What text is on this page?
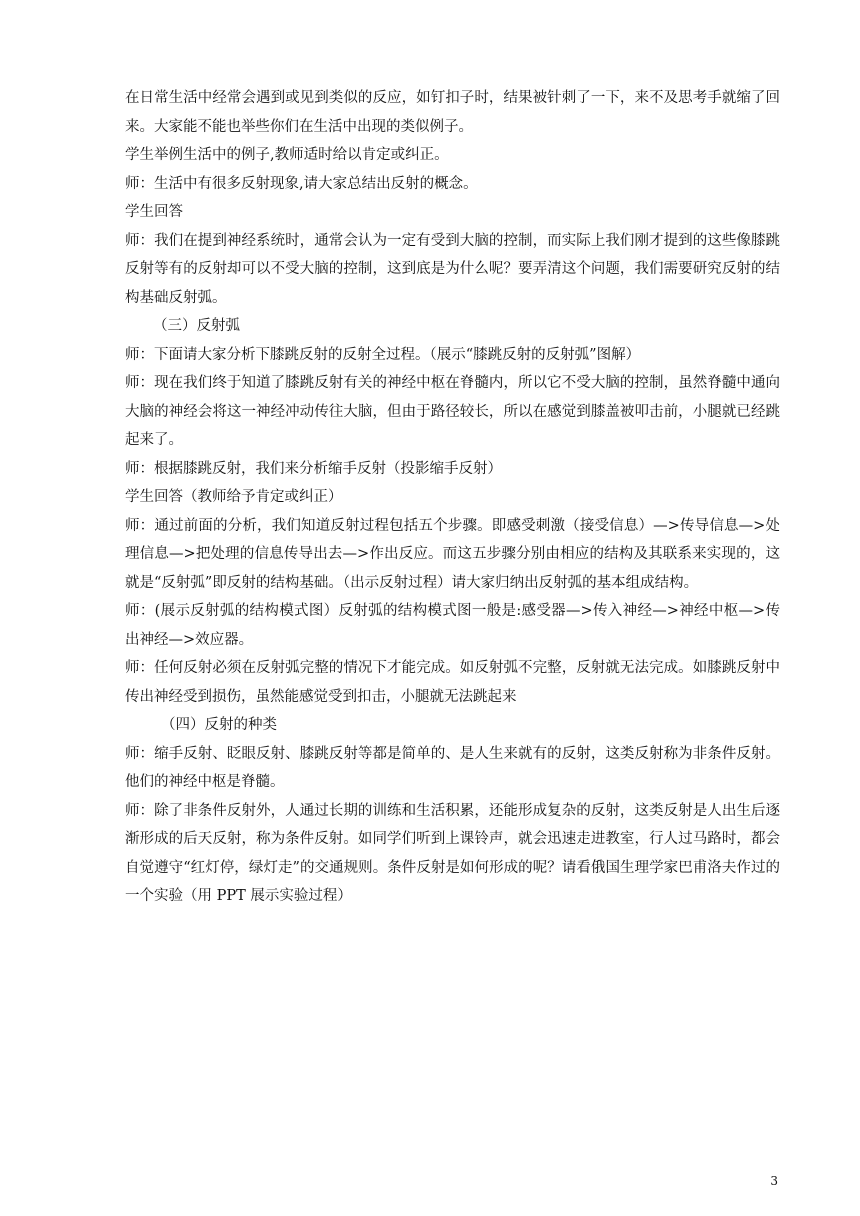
在日常生活中经常会遇到或见到类似的反应，如钉扣子时，结果被针刺了一下，来不及思考手就缩了回来。大家能不能也举些你们在生活中出现的类似例子。

学生举例生活中的例子,教师适时给以肯定或纠正。

师：生活中有很多反射现象,请大家总结出反射的概念。

学生回答

师：我们在提到神经系统时，通常会认为一定有受到大脑的控制，而实际上我们刚才提到的这些像膝跳反射等有的反射却可以不受大脑的控制，这到底是为什么呢？要弄清这个问题，我们需要研究反射的结构基础反射弧。

（三）反射弧

师：下面请大家分析下膝跳反射的反射全过程。（展示“膝跳反射的反射弧”图解）

师：现在我们终于知道了膝跳反射有关的神经中枢在脊髓内，所以它不受大脑的控制，虽然脊髓中通向大脑的神经会将这一神经冲动传往大脑，但由于路径较长，所以在感觉到膝盖被叩击前，小腿就已经跳起来了。

师：根据膝跳反射，我们来分析缩手反射（投影缩手反射）

学生回答（教师给予肯定或纠正）

师：通过前面的分析，我们知道反射过程包括五个步骤。即感受刺激（接受信息）—>传导信息—>处理信息—>把处理的信息传导出去—>作出反应。而这五步骤分别由相应的结构及其联系来实现的，这就是“反射弧”即反射的结构基础。（出示反射过程）请大家归纳出反射弧的基本组成结构。

师：(展示反射弧的结构模式图）反射弧的结构模式图一般是:感受器—>传入神经—>神经中枢—>传出神经—>效应器。

师：任何反射必须在反射弧完整的情况下才能完成。如反射弧不完整，反射就无法完成。如膝跳反射中传出神经受到损伤，虽然能感觉受到扣击，小腿就无法跳起来

（四）反射的种类

师：缩手反射、眨眼反射、膝跳反射等都是简单的、是人生来就有的反射，这类反射称为非条件反射。他们的神经中枢是脊髓。

师：除了非条件反射外，人通过长期的训练和生活积累，还能形成复杂的反射，这类反射是人出生后逐渐形成的后天反射，称为条件反射。如同学们听到上课铃声，就会迅速走进教室，行人过马路时，都会自觉遵守“红灯停，绿灯走”的交通规则。条件反射是如何形成的呢？请看俄国生理学家巴甫洛夫作过的一个实验（用 PPT 展示实验过程）

3
